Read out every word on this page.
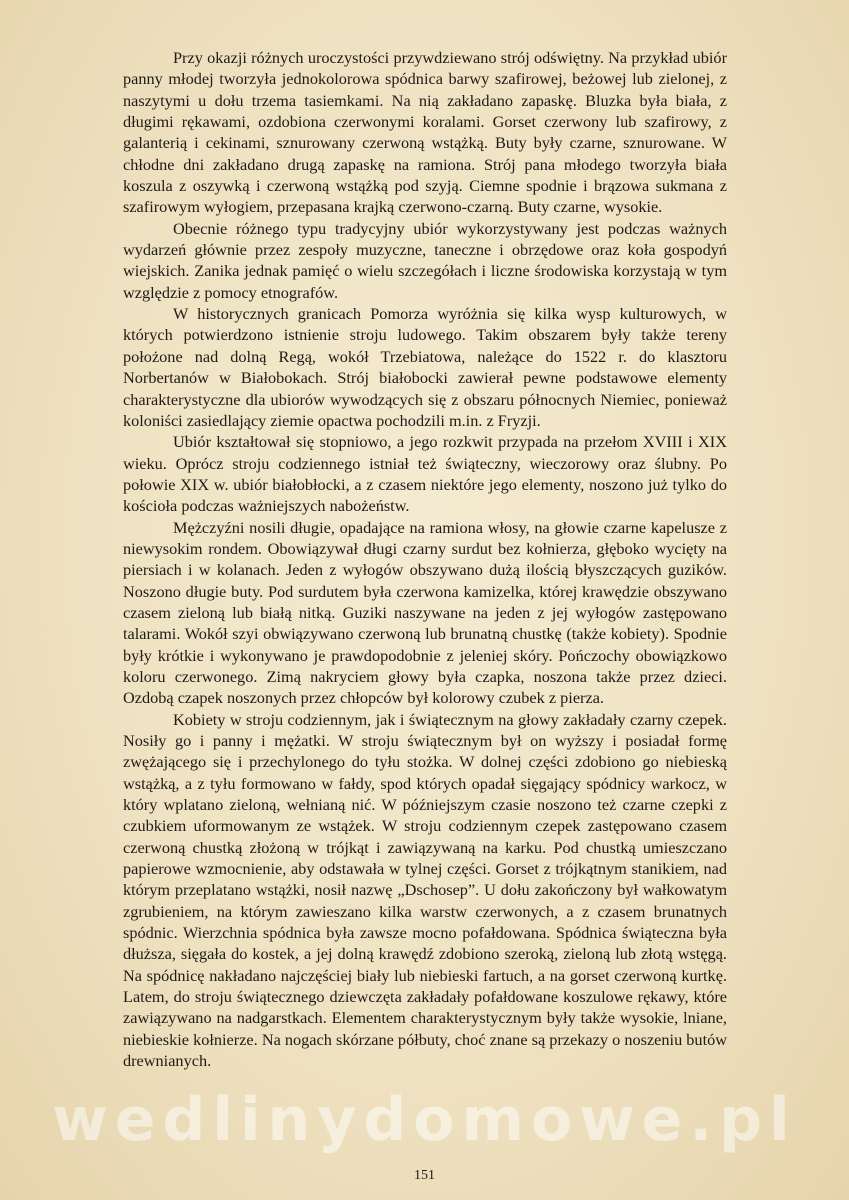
Przy okazji różnych uroczystości przywdziewano strój odświętny. Na przykład ubiór panny młodej tworzyła jednokolorowa spódnica barwy szafirowej, beżowej lub zielonej, z naszytymi u dołu trzema tasiemkami. Na nią zakładano zapaskę. Bluzka była biała, z długimi rękawami, ozdobiona czerwonymi koralami. Gorset czerwony lub szafirowy, z galanterią i cekinami, sznurowany czerwoną wstążką. Buty były czarne, sznurowane. W chłodne dni zakładano drugą zapaskę na ramiona. Strój pana młodego tworzyła biała koszula z oszywką i czerwoną wstążką pod szyją. Ciemne spodnie i brązowa sukmana z szafirowym wyłogiem, przepasana krajką czerwono-czarną. Buty czarne, wysokie.

Obecnie różnego typu tradycyjny ubiór wykorzystywany jest podczas ważnych wydarzeń głównie przez zespoły muzyczne, taneczne i obrzędowe oraz koła gospodyń wiejskich. Zanika jednak pamięć o wielu szczegółach i liczne środowiska korzystają w tym względzie z pomocy etnografów.

W historycznych granicach Pomorza wyróżnia się kilka wysp kulturowych, w których potwierdzono istnienie stroju ludowego. Takim obszarem były także tereny położone nad dolną Regą, wokół Trzebiatowa, należące do 1522 r. do klasztoru Norbertanów w Białobokach. Strój białobocki zawierał pewne podstawowe elementy charakterystyczne dla ubiorów wywodzących się z obszaru północnych Niemiec, ponieważ koloniści zasiedlający ziemie opactwa pochodzili m.in. z Fryzji.

Ubiór kształtował się stopniowo, a jego rozkwit przypada na przełom XVIII i XIX wieku. Oprócz stroju codziennego istniał też świąteczny, wieczorowy oraz ślubny. Po połowie XIX w. ubiór białobłocki, a z czasem niektóre jego elementy, noszono już tylko do kościoła podczas ważniejszych nabożeństw.

Mężczyźni nosili długie, opadające na ramiona włosy, na głowie czarne kapelusze z niewysokim rondem. Obowiązywał długi czarny surdut bez kołnierza, głęboko wycięty na piersiach i w kolanach. Jeden z wyłogów obszywano dużą ilością błyszczących guzików. Noszono długie buty. Pod surdutem była czerwona kamizelka, której krawędzie obszywano czasem zieloną lub białą nitką. Guziki naszywane na jeden z jej wyłogów zastępowano talarami. Wokół szyi obwiązywano czerwoną lub brunatną chustkę (także kobiety). Spodnie były krótkie i wykonywano je prawdopodobnie z jeleniej skóry. Pończochy obowiązkowo koloru czerwonego. Zimą nakryciem głowy była czapka, noszona także przez dzieci. Ozdobą czapek noszonych przez chłopców był kolorowy czubek z pierza.

Kobiety w stroju codziennym, jak i świątecznym na głowy zakładały czarny czepek. Nosiły go i panny i mężatki. W stroju świątecznym był on wyższy i posiadał formę zwężającego się i przechylonego do tyłu stożka. W dolnej części zdobiono go niebieską wstążką, a z tyłu formowano w fałdy, spod których opadał sięgający spódnicy warkocz, w który wplatano zieloną, wełnianą nić. W późniejszym czasie noszono też czarne czepki z czubkiem uformowanym ze wstążek. W stroju codziennym czepek zastępowano czasem czerwoną chustką złożoną w trójkąt i zawiązywaną na karku. Pod chustką umieszczano papierowe wzmocnienie, aby odstawała w tylnej części. Gorset z trójkątnym stanikiem, nad którym przeplatano wstążki, nosił nazwę „Dschosep”. U dołu zakończony był wałkowatym zgrubieniem, na którym zawieszano kilka warstw czerwonych, a z czasem brunatnych spódnic. Wierzchnia spódnica była zawsze mocno pofałdowana. Spódnica świąteczna była dłuższa, sięgała do kostek, a jej dolną krawędź zdobiono szeroką, zieloną lub złotą wstęgą. Na spódnicę nakładano najczęściej biały lub niebieski fartuch, a na gorset czerwoną kurtkę. Latem, do stroju świątecznego dziewczęta zakładały pofałdowane koszulowe rękawy, które zawiązywano na nadgarstkach. Elementem charakterystycznym były także wysokie, lniane, niebieskie kołnierze. Na nogach skórzane półbuty, choć znane są przekazy o noszeniu butów drewnianych.

wedlinydomowe.pl
151
